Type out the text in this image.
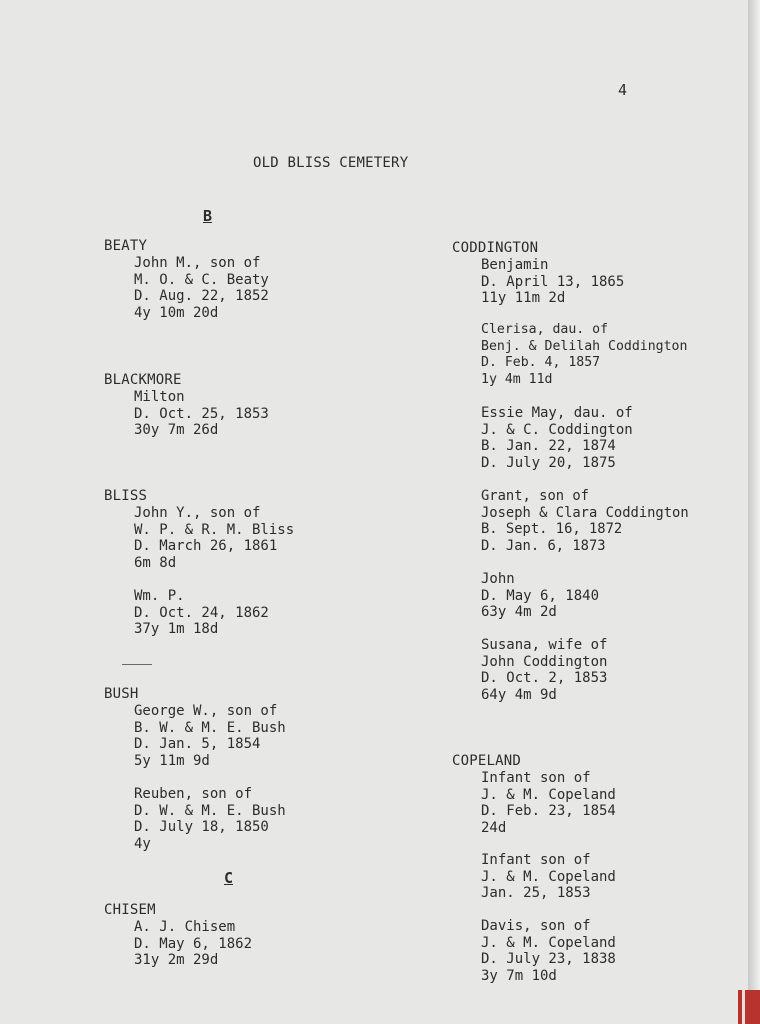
4
OLD BLISS CEMETERY
B
BEATY
John M., son of
M. O. & C. Beaty
D. Aug. 22, 1852
4y 10m 20d
BLACKMORE
Milton
D. Oct. 25, 1853
30y 7m 26d
BLISS
John Y., son of
W. P. & R. M. Bliss
D. March 26, 1861
6m 8d
Wm. P.
D. Oct. 24, 1862
37y 1m 18d
BUSH
George W., son of
B. W. & M. E. Bush
D. Jan. 5, 1854
5y 11m 9d
Reuben, son of
D. W. & M. E. Bush
D. July 18, 1850
4y
C
CHISEM
A. J. Chisem
D. May 6, 1862
31y 2m 29d
CODDINGTON
Benjamin
D. April 13, 1865
11y 11m 2d
Clerisa, dau. of
Benj. & Delilah Coddington
D. Feb. 4, 1857
1y 4m 11d
Essie May, dau. of
J. & C. Coddington
B. Jan. 22, 1874
D. July 20, 1875
Grant, son of
Joseph & Clara Coddington
B. Sept. 16, 1872
D. Jan. 6, 1873
John
D. May 6, 1840
63y 4m 2d
Susana, wife of
John Coddington
D. Oct. 2, 1853
64y 4m 9d
COPELAND
Infant son of
J. & M. Copeland
D. Feb. 23, 1854
24d
Infant son of
J. & M. Copeland
Jan. 25, 1853
Davis, son of
J. & M. Copeland
D. July 23, 1838
3y 7m 10d
